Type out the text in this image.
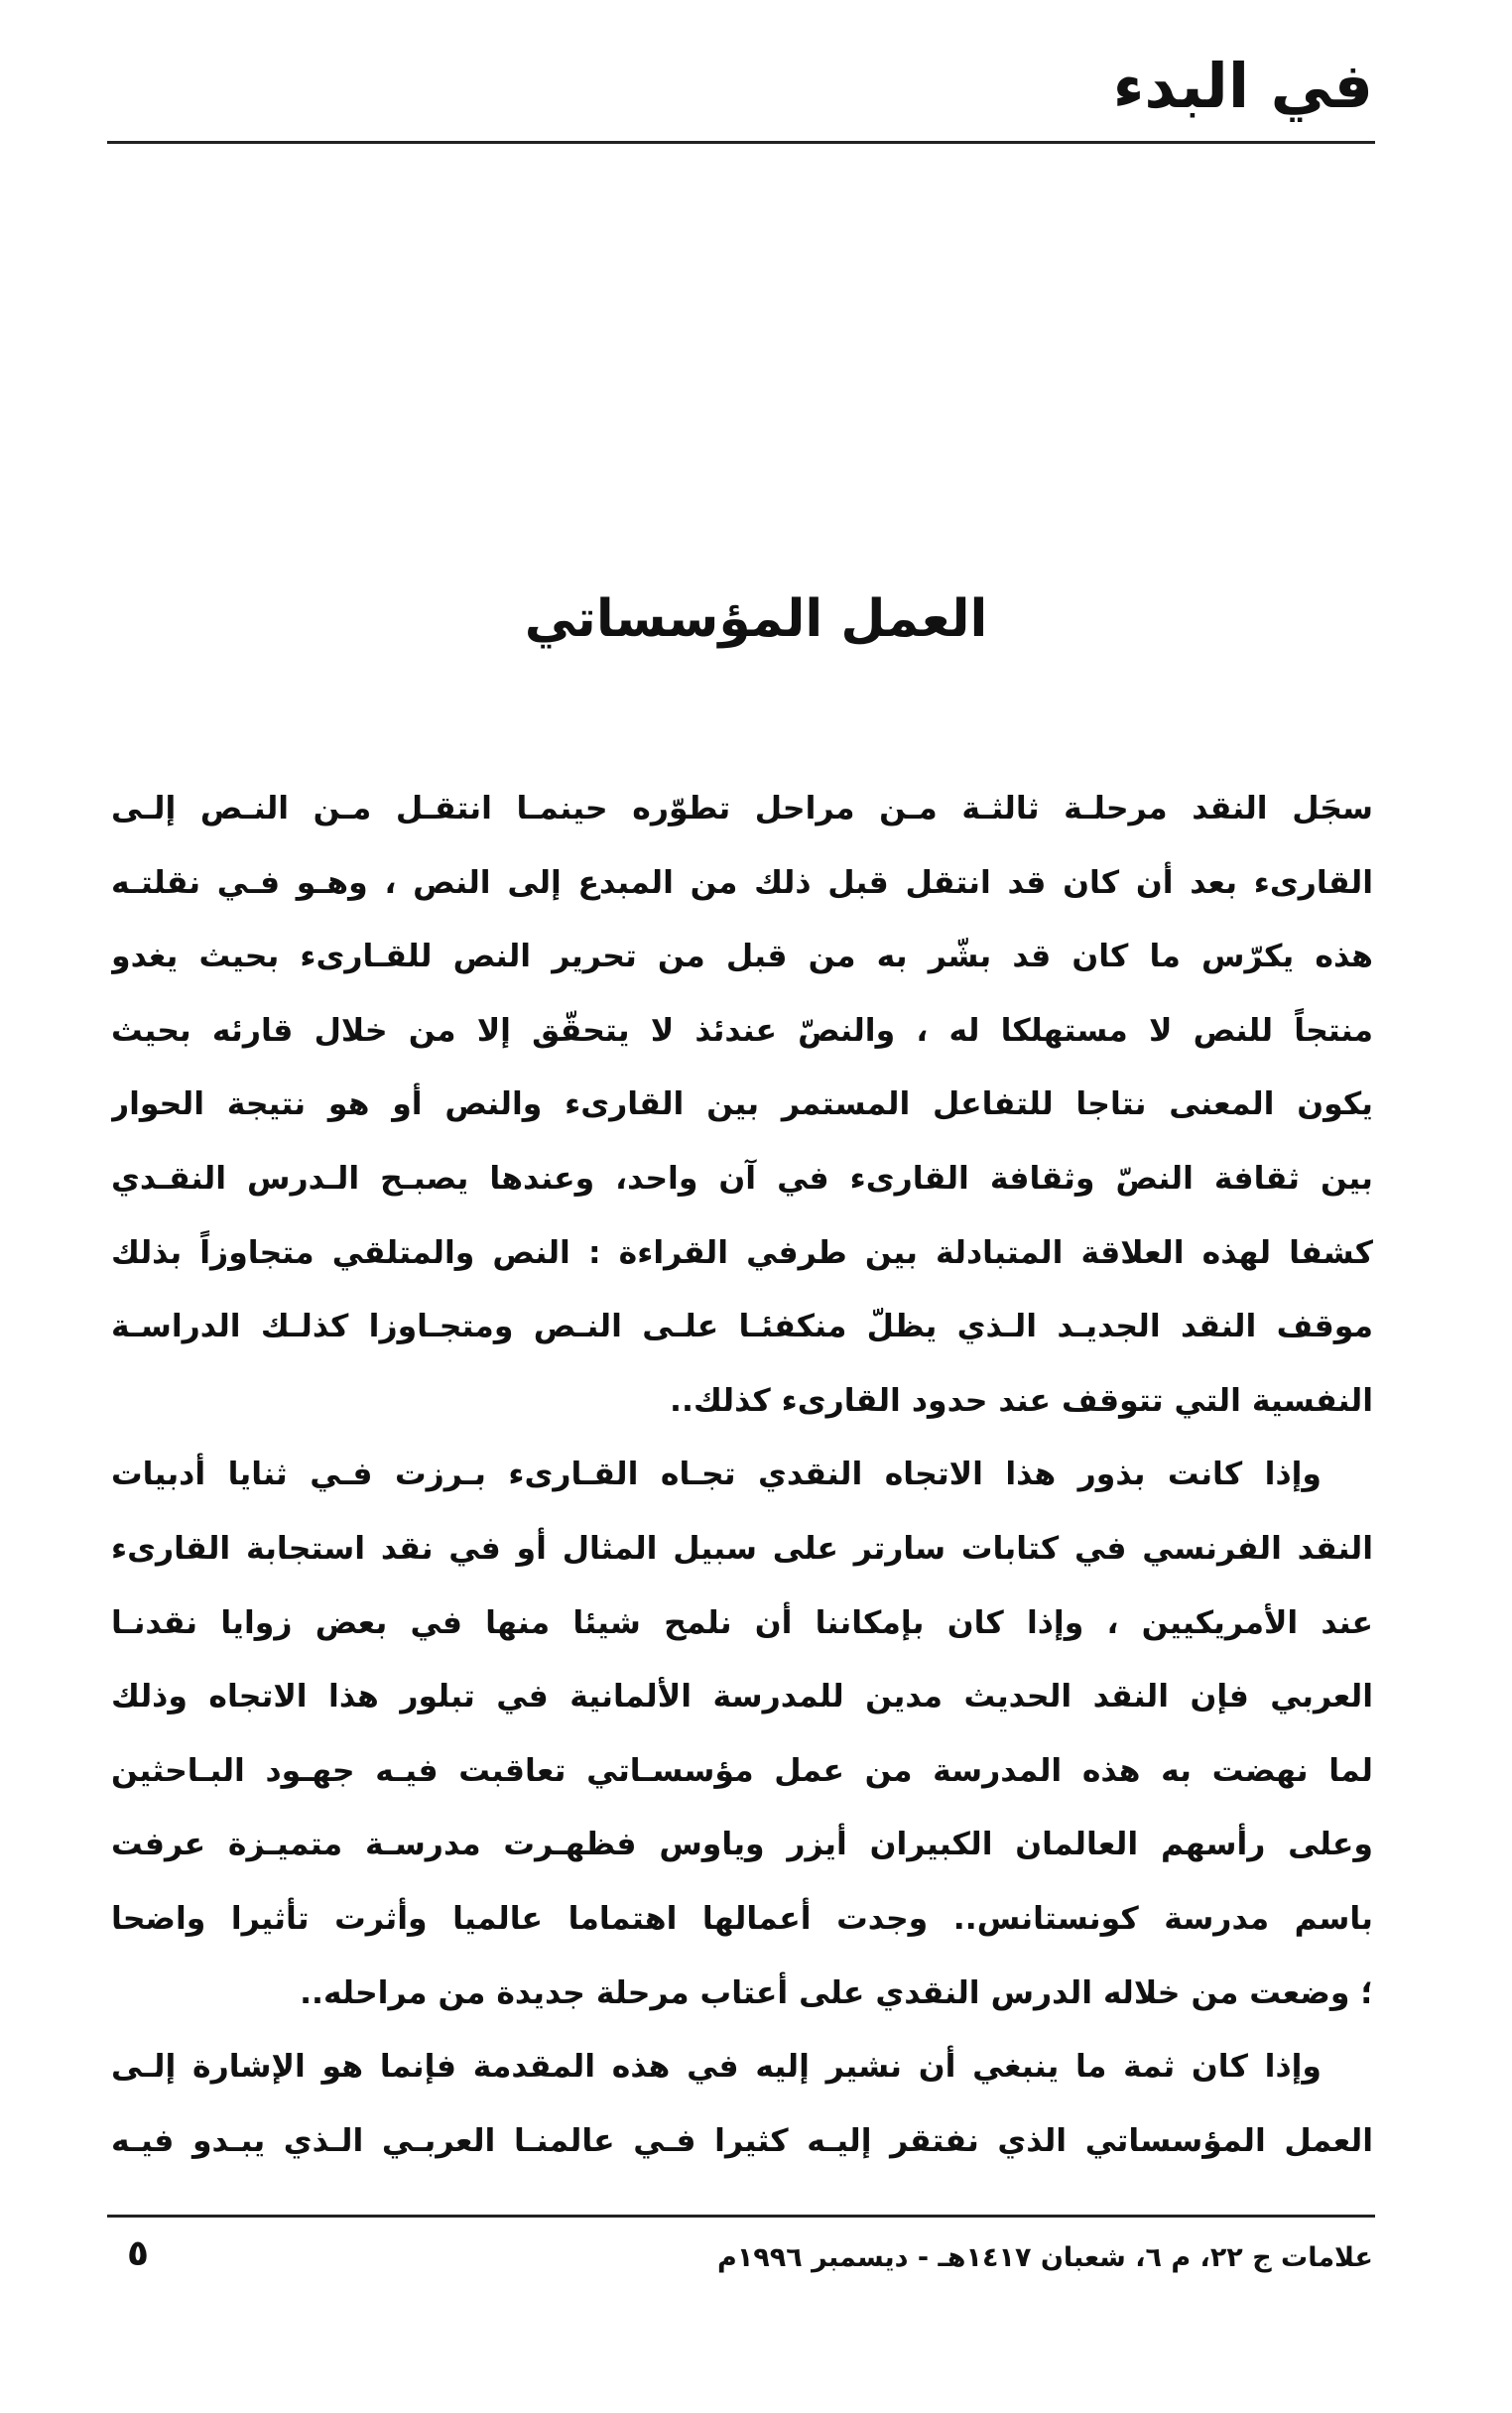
في البدء
العمل المؤسساتي
سجَل النقد مرحلـة ثالثـة مـن مراحل تطوّره حينمـا انتقـل مـن النـص إلـى
القارىء بعد أن كان قد انتقل قبل ذلك من المبدع إلى النص ، وهـو فـي نقلتـه
هذه يكرّس ما كان قد بشّر به من قبل من تحرير النص للقـارىء بحيث يغدو
منتجاً للنص لا مستهلكا له ، والنصّ عندئذ لا يتحقّق إلا من خلال قارئه بحيث
يكون المعنى نتاجا للتفاعل المستمر بين القارىء والنص أو هو نتيجة الحوار
بين ثقافة النصّ وثقافة القارىء في آن واحد، وعندها يصبـح الـدرس النقـدي
كشفا لهذه العلاقة المتبادلة بين طرفي القراءة : النص والمتلقي متجاوزاً بذلك
موقف النقد الجديـد الـذي يظلّ منكفئـا علـى النـص ومتجـاوزا كذلـك الدراسـة
النفسية التي تتوقف عند حدود القارىء كذلك..
وإذا كانت بذور هذا الاتجاه النقدي تجـاه القـارىء بـرزت فـي ثنايا أدبيات
النقد الفرنسي في كتابات سارتر على سبيل المثال أو في نقد استجابة القارىء
عند الأمريكيين ، وإذا كان بإمكاننا أن نلمح شيئا منها في بعض زوايا نقدنـا
العربي فإن النقد الحديث مدين للمدرسة الألمانية في تبلور هذا الاتجاه وذلك
لما نهضت به هذه المدرسة من عمل مؤسسـاتي تعاقبت فيـه جهـود البـاحثين
وعلى رأسهم العالمان الكبيران أيزر وياوس فظهـرت مدرسـة متميـزة عرفت
باسم مدرسة كونستانس.. وجدت أعمالها اهتماما عالميا وأثرت تأثيرا واضحا
؛ وضعت من خلاله الدرس النقدي على أعتاب مرحلة جديدة من مراحله..
وإذا كان ثمة ما ينبغي أن نشير إليه في هذه المقدمة فإنما هو الإشارة إلـى
العمل المؤسساتي الذي نفتقر إليـه كثيرا فـي عالمنـا العربـي الـذي يبـدو فيـه
علامات ج ٢٢، م ٦، شعبان ١٤١٧هـ - ديسمبر ١٩٩٦م
٥
